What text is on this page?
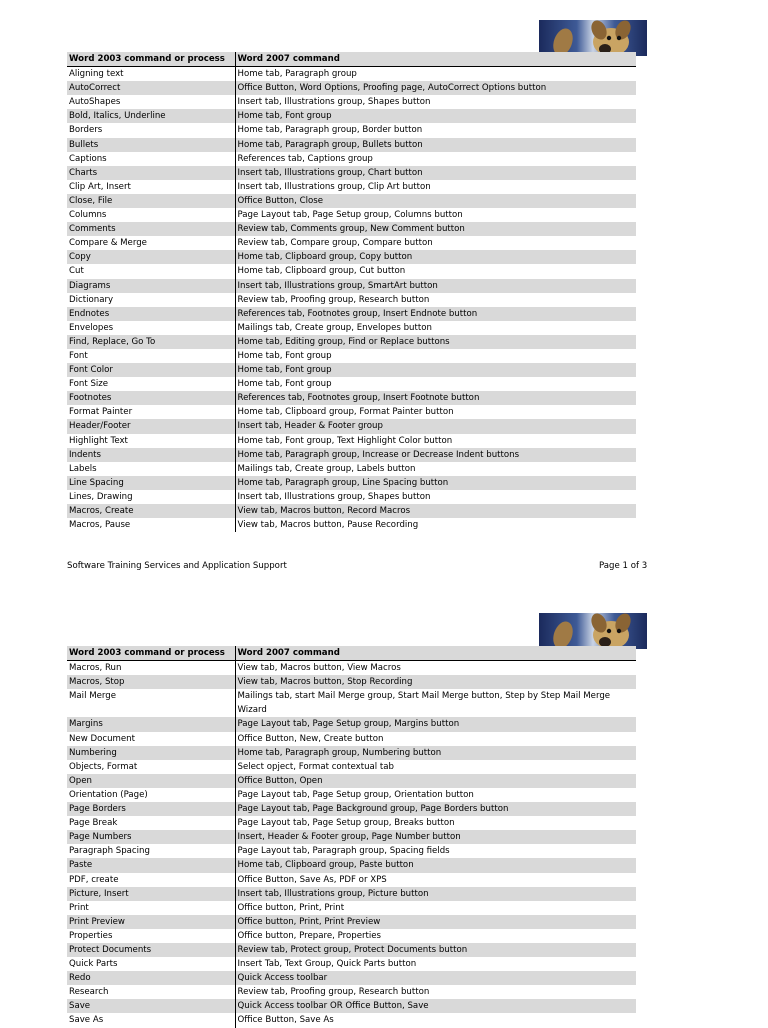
Word 2003 command or process	Word 2007 command
Aligning text	Home tab, Paragraph group
AutoCorrect	Office Button, Word Options, Proofing page, AutoCorrect Options button
AutoShapes	Insert tab, Illustrations group, Shapes button
Bold, Italics, Underline	Home tab, Font group
Borders	Home tab, Paragraph group, Border button
Bullets	Home tab, Paragraph group, Bullets button
Captions	References tab, Captions group
Charts	Insert tab, Illustrations group, Chart button
Clip Art, Insert	Insert tab, Illustrations group, Clip Art button
Close, File	Office Button, Close
Columns	Page Layout tab, Page Setup group, Columns button
Comments	Review tab, Comments group, New Comment button
Compare & Merge	Review tab, Compare group, Compare button
Copy	Home tab, Clipboard group, Copy button
Cut	Home tab, Clipboard group, Cut button
Diagrams	Insert tab, Illustrations group, SmartArt button
Dictionary	Review tab, Proofing group, Research button
Endnotes	References tab, Footnotes group, Insert Endnote button
Envelopes	Mailings tab, Create group, Envelopes button
Find, Replace, Go To	Home tab, Editing group, Find or Replace buttons
Font	Home tab, Font group
Font Color	Home tab, Font group
Font Size	Home tab, Font group
Footnotes	References tab, Footnotes group, Insert Footnote button
Format Painter	Home tab, Clipboard group, Format Painter button
Header/Footer	Insert tab, Header & Footer group
Highlight Text	Home tab, Font group, Text Highlight Color button
Indents	Home tab, Paragraph group, Increase or Decrease Indent buttons
Labels	Mailings tab, Create group, Labels button
Line Spacing	Home tab, Paragraph group, Line Spacing button
Lines, Drawing	Insert tab, Illustrations group, Shapes button
Macros, Create	View tab, Macros button, Record Macros
Macros, Pause	View tab, Macros button, Pause Recording
Software Training Services and Application Support	Page 1 of 3
Word 2003 command or process	Word 2007 command
Macros, Run	View tab, Macros button, View Macros
Macros, Stop	View tab, Macros button, Stop Recording
Mail Merge	Mailings tab, start Mail Merge group, Start Mail Merge button, Step by Step Mail Merge Wizard
Margins	Page Layout tab, Page Setup group, Margins button
New Document	Office Button, New, Create button
Numbering	Home tab, Paragraph group, Numbering button
Objects, Format	Select opject, Format contextual tab
Open	Office Button, Open
Orientation (Page)	Page Layout tab, Page Setup group, Orientation button
Page Borders	Page Layout tab, Page Background group, Page Borders button
Page Break	Page Layout tab, Page Setup group, Breaks button
Page Numbers	Insert, Header & Footer group, Page Number button
Paragraph Spacing	Page Layout tab, Paragraph group, Spacing fields
Paste	Home tab, Clipboard group, Paste button
PDF, create	Office Button, Save As, PDF or XPS
Picture, Insert	Insert tab, Illustrations group, Picture button
Print	Office button, Print, Print
Print Preview	Office button, Print, Print Preview
Properties	Office button, Prepare, Properties
Protect Documents	Review tab, Protect group, Protect Documents button
Quick Parts	Insert Tab, Text Group, Quick Parts button
Redo	Quick Access toolbar
Research	Review tab, Proofing group, Research button
Save	Quick Access toolbar OR Office Button, Save
Save As	Office Button, Save As
